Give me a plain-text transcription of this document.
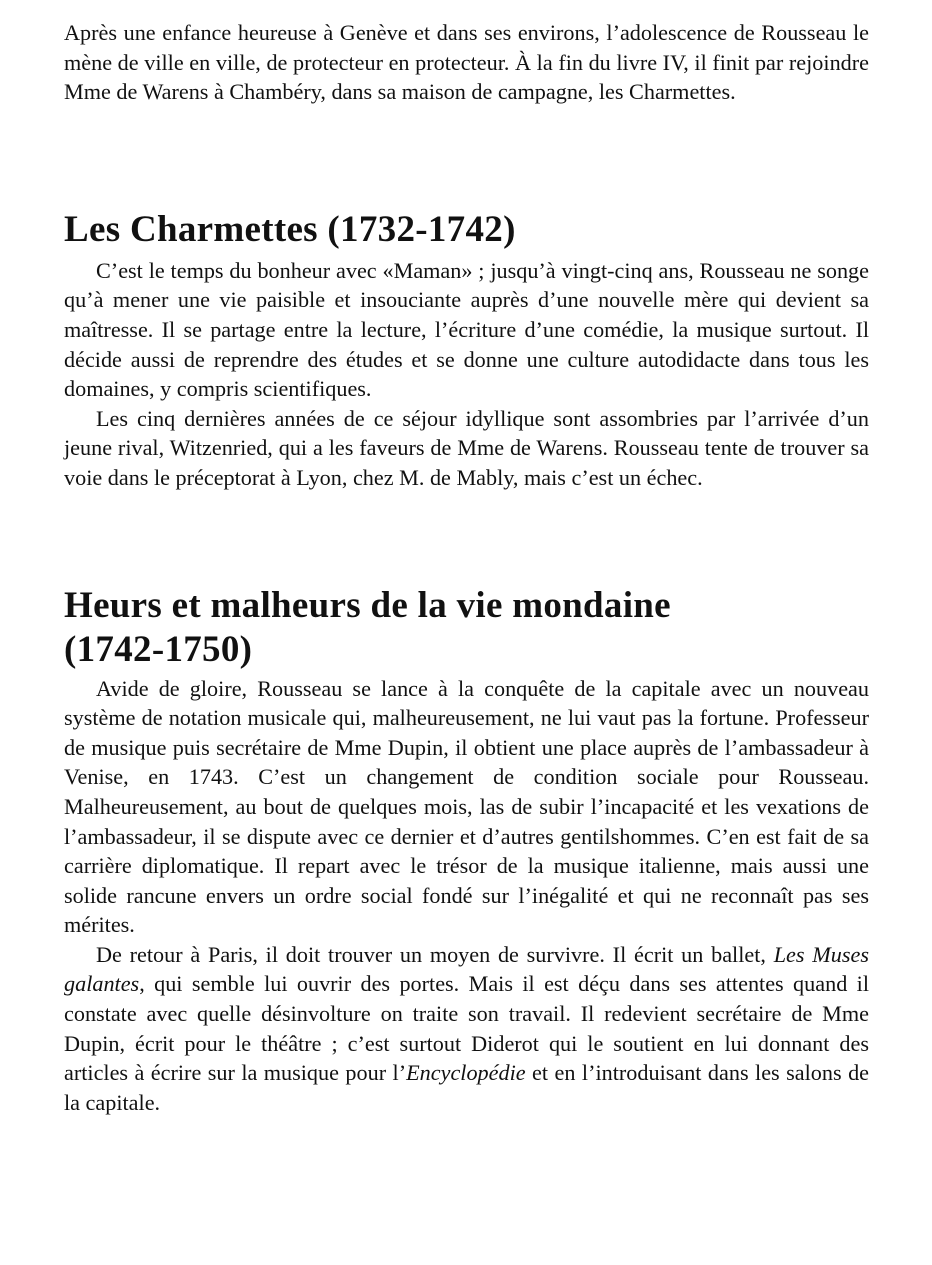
Après une enfance heureuse à Genève et dans ses environs, l’adolescence de Rousseau le mène de ville en ville, de protecteur en protecteur. À la fin du livre IV, il finit par rejoindre Mme de Warens à Chambéry, dans sa maison de campagne, les Charmettes.

Les Charmettes (1732-1742)

C’est le temps du bonheur avec «Maman» ; jusqu’à vingt-cinq ans, Rousseau ne songe qu’à mener une vie paisible et insouciante auprès d’une nouvelle mère qui devient sa maîtresse. Il se partage entre la lecture, l’écriture d’une comédie, la musique surtout. Il décide aussi de reprendre des études et se donne une culture autodidacte dans tous les domaines, y compris scientifiques.

Les cinq dernières années de ce séjour idyllique sont assombries par l’arrivée d’un jeune rival, Witzenried, qui a les faveurs de Mme de Warens. Rousseau tente de trouver sa voie dans le préceptorat à Lyon, chez M. de Mably, mais c’est un échec.

Heurs et malheurs de la vie mondaine
(1742-1750)

Avide de gloire, Rousseau se lance à la conquête de la capitale avec un nouveau système de notation musicale qui, malheureusement, ne lui vaut pas la fortune. Professeur de musique puis secrétaire de Mme Dupin, il obtient une place auprès de l’ambassadeur à Venise, en 1743. C’est un changement de condition sociale pour Rousseau. Malheureusement, au bout de quelques mois, las de subir l’incapacité et les vexations de l’ambassadeur, il se dispute avec ce dernier et d’autres gentilshommes. C’en est fait de sa carrière diplomatique. Il repart avec le trésor de la musique italienne, mais aussi une solide rancune envers un ordre social fondé sur l’inégalité et qui ne reconnaît pas ses mérites.

De retour à Paris, il doit trouver un moyen de survivre. Il écrit un ballet, Les Muses galantes, qui semble lui ouvrir des portes. Mais il est déçu dans ses attentes quand il constate avec quelle désinvolture on traite son travail. Il redevient secrétaire de Mme Dupin, écrit pour le théâtre ; c’est surtout Diderot qui le soutient en lui donnant des articles à écrire sur la musique pour l’Encyclopédie et en l’introduisant dans les salons de la capitale.
